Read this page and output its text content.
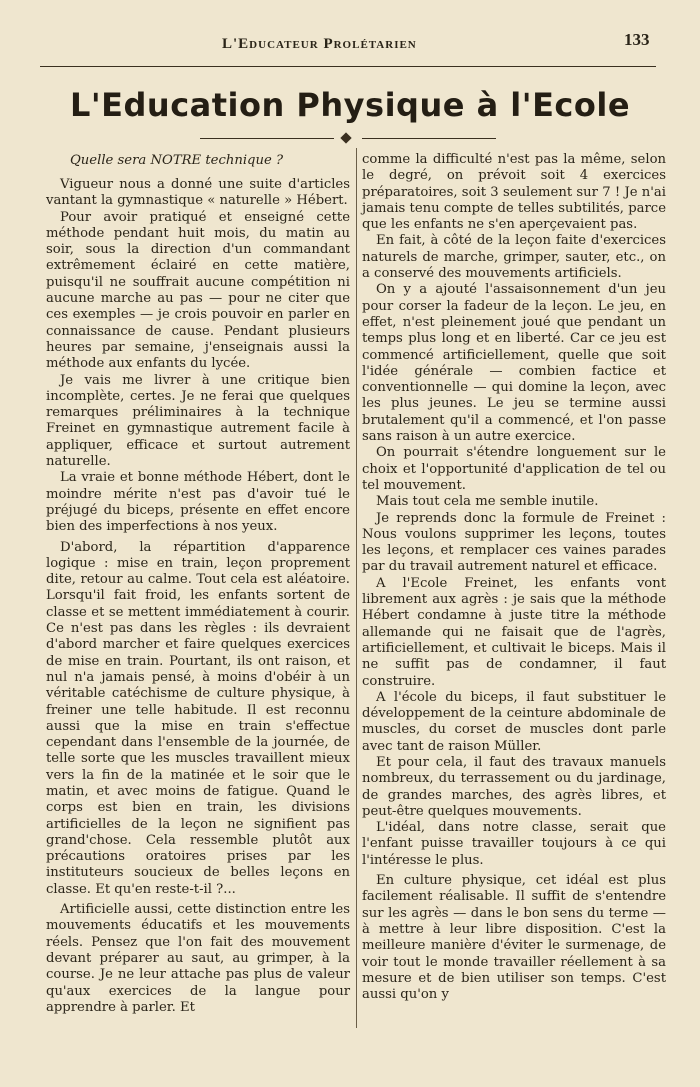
L'Educateur Prolétarien	133
L'Education Physique à l'Ecole
Quelle sera NOTRE technique ?

Vigueur nous a donné une suite d'articles vantant la gymnastique « naturelle » Hébert.

Pour avoir pratiqué et enseigné cette méthode pendant huit mois, du matin au soir, sous la direction d'un commandant extrêmement éclairé en cette matière, puisqu'il ne souffrait aucune compétition ni aucune marche au pas — pour ne citer que ces exemples — je crois pouvoir en parler en connaissance de cause. Pendant plusieurs heures par semaine, j'enseignais aussi la méthode aux enfants du lycée.

Je vais me livrer à une critique bien incomplète, certes. Je ne ferai que quelques remarques préliminaires à la technique Freinet en gymnastique autrement facile à appliquer, efficace et surtout autrement naturelle.

La vraie et bonne méthode Hébert, dont le moindre mérite n'est pas d'avoir tué le préjugé du biceps, présente en effet encore bien des imperfections à nos yeux.

D'abord, la répartition d'apparence logique : mise en train, leçon proprement dite, retour au calme. Tout cela est aléatoire. Lorsqu'il fait froid, les enfants sortent de classe et se mettent immédiatement à courir. Ce n'est pas dans les règles : ils devraient d'abord marcher et faire quelques exercices de mise en train. Pourtant, ils ont raison, et nul n'a jamais pensé, à moins d'obéir à un véritable catéchisme de culture physique, à freiner une telle habitude. Il est reconnu aussi que la mise en train s'effectue cependant dans l'ensemble de la journée, de telle sorte que les muscles travaillent mieux vers la fin de la matinée et le soir que le matin, et avec moins de fatigue. Quand le corps est bien en train, les divisions artificielles de la leçon ne signifient pas grand'chose. Cela ressemble plutôt aux précautions oratoires prises par les instituteurs soucieux de belles leçons en classe. Et qu'en reste-t-il ?...

Artificielle aussi, cette distinction entre les mouvements éducatifs et les mouvements réels. Pensez que l'on fait des mouvement devant préparer au saut, au grimper, à la course. Je ne leur attache pas plus de valeur qu'aux exercices de la langue pour apprendre à parler. Et

comme la difficulté n'est pas la même, selon le degré, on prévoit soit 4 exercices préparatoires, soit 3 seulement sur 7 ! Je n'ai jamais tenu compte de telles subtilités, parce que les enfants ne s'en aperçevaient pas.

En fait, à côté de la leçon faite d'exercices naturels de marche, grimper, sauter, etc., on a conservé des mouvements artificiels.

On y a ajouté l'assaisonnement d'un jeu pour corser la fadeur de la leçon. Le jeu, en effet, n'est pleinement joué que pendant un temps plus long et en liberté. Car ce jeu est commencé artificiellement, quelle que soit l'idée générale — combien factice et conventionnelle — qui domine la leçon, avec les plus jeunes. Le jeu se termine aussi brutalement qu'il a commencé, et l'on passe sans raison à un autre exercice.

On pourrait s'étendre longuement sur le choix et l'opportunité d'application de tel ou tel mouvement.

Mais tout cela me semble inutile.

Je reprends donc la formule de Freinet : Nous voulons supprimer les leçons, toutes les leçons, et remplacer ces vaines parades par du travail autrement naturel et efficace.

A l'Ecole Freinet, les enfants vont librement aux agrès : je sais que la méthode Hébert condamne à juste titre la méthode allemande qui ne faisait que de l'agrès, artificiellement, et cultivait le biceps. Mais il ne suffit pas de condamner, il faut construire.

A l'école du biceps, il faut substituer le développement de la ceinture abdominale de muscles, du corset de muscles dont parle avec tant de raison Müller.

Et pour cela, il faut des travaux manuels nombreux, du terrassement ou du jardinage, de grandes marches, des agrès libres, et peut-être quelques mouvements.

L'idéal, dans notre classe, serait que l'enfant puisse travailler toujours à ce qui l'intéresse le plus.

En culture physique, cet idéal est plus facilement réalisable. Il suffit de s'entendre sur les agrès — dans le bon sens du terme — à mettre à leur libre disposition. C'est la meilleure manière d'éviter le surmenage, de voir tout le monde travailler réellement à sa mesure et de bien utiliser son temps. C'est aussi qu'on y
